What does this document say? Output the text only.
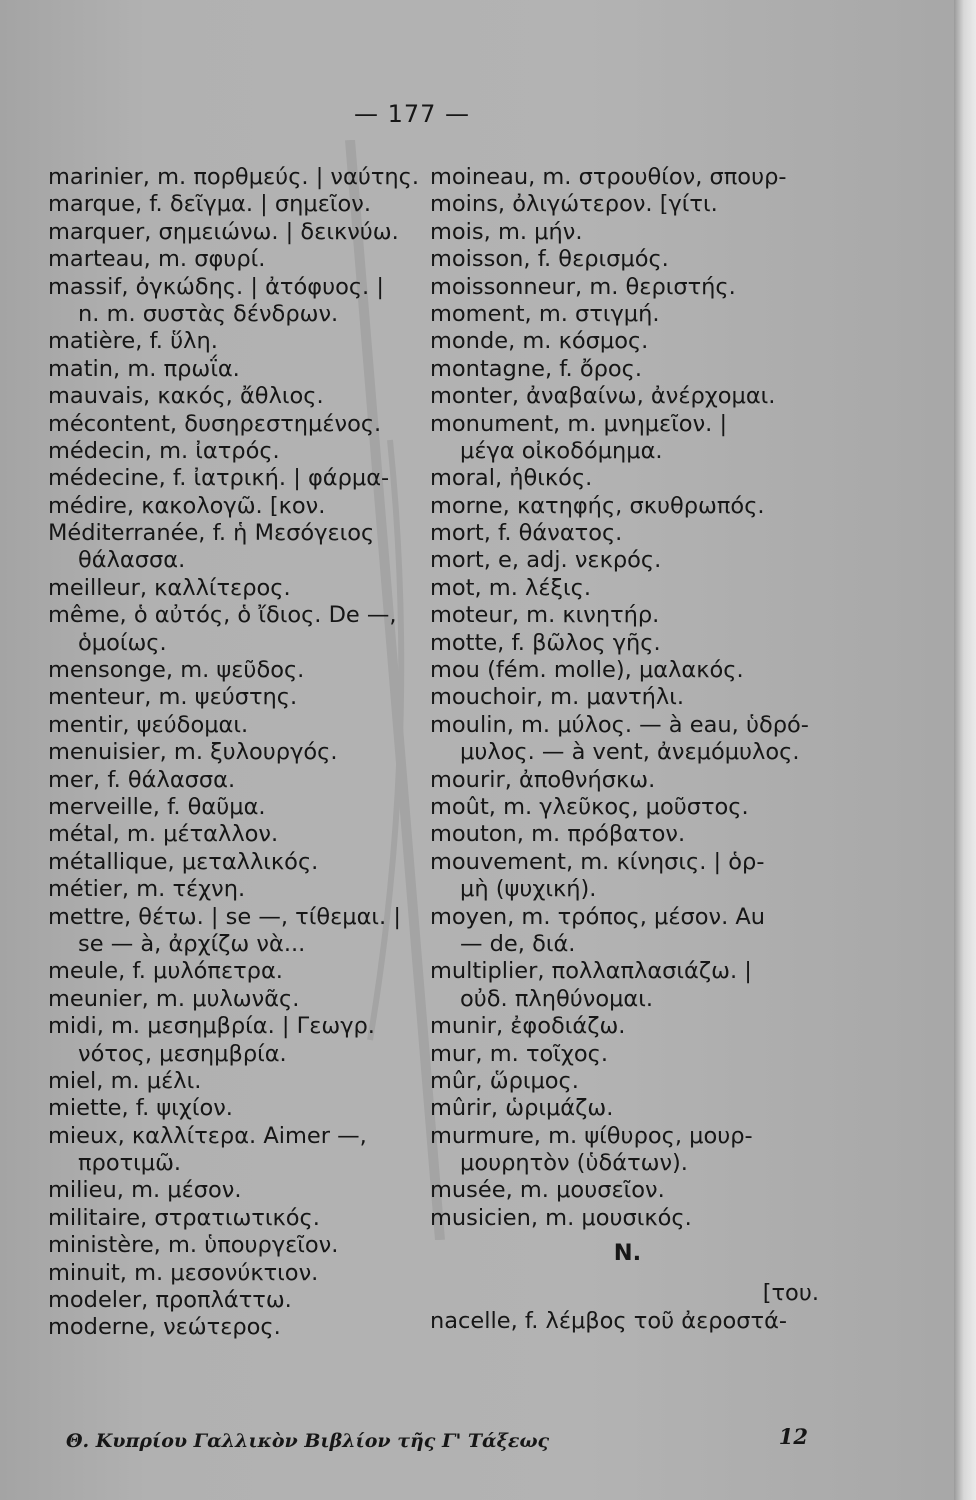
— 177 —
marinier, m. πορθμεύς. | ναύτης.
marque, f. δεῖγμα. | σημεῖον.
marquer, σημειώνω. | δεικνύω.
marteau, m. σφυρί.
massif, ὀγκώδης. | ἀτόφυος. |
n. m. συστὰς δένδρων.
matière, f. ὕλη.
matin, m. πρωΐα.
mauvais, κακός, ἄθλιος.
mécontent, δυσηρεστημένος.
médecin, m. ἰατρός.
médecine, f. ἰατρική. | φάρμα-
médire, κακολογῶ. [κον.
Méditerranée, f. ἡ Μεσόγειος
θάλασσα.
meilleur, καλλίτερος.
même, ὁ αὐτός, ὁ ἴδιος. De —,
ὁμοίως.
mensonge, m. ψεῦδος.
menteur, m. ψεύστης.
mentir, ψεύδομαι.
menuisier, m. ξυλουργός.
mer, f. θάλασσα.
merveille, f. θαῦμα.
métal, m. μέταλλον.
métallique, μεταλλικός.
métier, m. τέχνη.
mettre, θέτω. | se —, τίθεμαι. |
se — à, ἀρχίζω νὰ...
meule, f. μυλόπετρα.
meunier, m. μυλωνᾶς.
midi, m. μεσημβρία. | Γεωγρ.
νότος, μεσημβρία.
miel, m. μέλι.
miette, f. ψιχίον.
mieux, καλλίτερα. Aimer —,
προτιμῶ.
milieu, m. μέσον.
militaire, στρατιωτικός.
ministère, m. ὑπουργεῖον.
minuit, m. μεσονύκτιον.
modeler, προπλάττω.
moderne, νεώτερος.
moineau, m. στρουθίον, σπουρ-
moins, ὀλιγώτερον. [γίτι.
mois, m. μήν.
moisson, f. θερισμός.
moissonneur, m. θεριστής.
moment, m. στιγμή.
monde, m. κόσμος.
montagne, f. ὄρος.
monter, ἀναβαίνω, ἀνέρχομαι.
monument, m. μνημεῖον. |
μέγα οἰκοδόμημα.
moral, ἠθικός.
morne, κατηφής, σκυθρωπός.
mort, f. θάνατος.
mort, e, adj. νεκρός.
mot, m. λέξις.
moteur, m. κινητήρ.
motte, f. βῶλος γῆς.
mou (fém. molle), μαλακός.
mouchoir, m. μαντήλι.
moulin, m. μύλος. — à eau, ὑδρό-
μυλος. — à vent, ἀνεμόμυλος.
mourir, ἀποθνήσκω.
moût, m. γλεῦκος, μοῦστος.
mouton, m. πρόβατον.
mouvement, m. κίνησις. | ὁρ-
μὴ (ψυχική).
moyen, m. τρόπος, μέσον. Au
— de, διά.
multiplier, πολλαπλασιάζω. |
οὐδ. πληθύνομαι.
munir, ἐφοδιάζω.
mur, m. τοῖχος.
mûr, ὥριμος.
mûrir, ὡριμάζω.
murmure, m. ψίθυρος, μουρ-
μουρητὸν (ὑδάτων).
musée, m. μουσεῖον.
musicien, m. μουσικός.
N.
[του.
nacelle, f. λέμβος τοῦ ἀεροστά-
Θ. Κυπρίου Γαλλικὸν Βιβλίον τῆς Γ' Τάξεως	12
